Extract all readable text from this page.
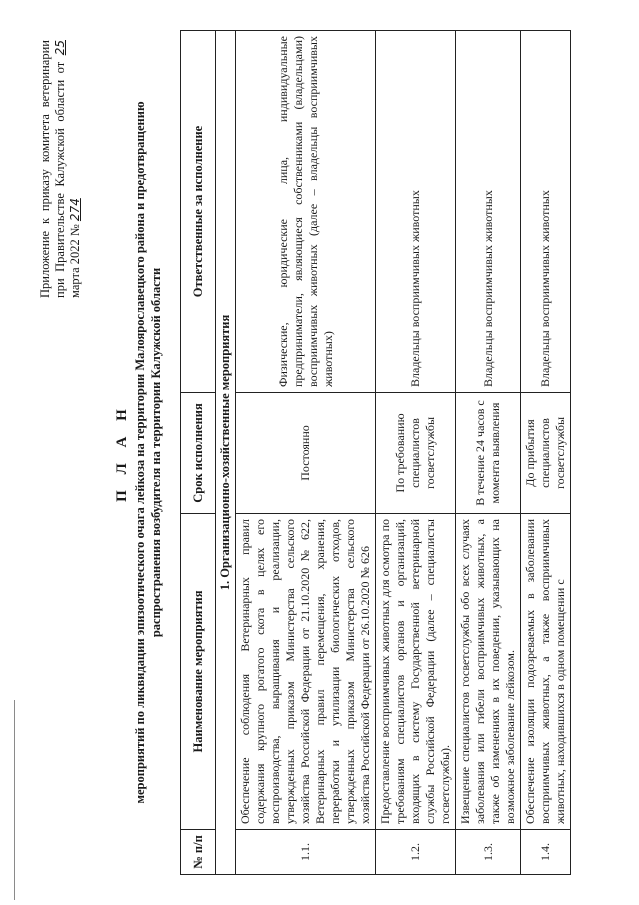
Приложение к приказу комитета ветеринарии при Правительстве Калужской области от 25 марта 2022 № 274
П Л А Н мероприятий по ликвидации эпизоотического очага лейкоза на территории Малоярославецкого района и предотвращению распространения возбудителя на территории Калужской области
№ п/п	Наименование мероприятия	Срок исполнения	Ответственные за исполнение
1. Организационно-хозяйственные мероприятия			
1.1.	Обеспечение соблюдения Ветеринарных правил содержания крупного рогатого скота в целях его воспроизводства, выращивания и реализации, утвержденных приказом Министерства сельского хозяйства Российской Федерации от 21.10.2020 № 622, Ветеринарных правил перемещения, хранения, переработки и утилизации биологических отходов, утвержденных приказом Министерства сельского хозяйства Российской Федерации от 26.10.2020 № 626	Постоянно	Физические, юридические лица, индивидуальные предприниматели, являющиеся собственниками (владельцами) восприимчивых животных (далее – владельцы восприимчивых животных)
1.2.	Предоставление восприимчивых животных для осмотра по требованиям специалистов органов и организаций, входящих в систему Государственной ветеринарной службы Российской Федерации (далее – специалисты госветслужбы).	По требованию специалистов госветслужбы	Владельцы восприимчивых животных
1.3.	Извещение специалистов госветслужбы обо всех случаях заболевания или гибели восприимчивых животных, а также об изменениях в их поведении, указывающих на возможное заболевание лейкозом.	В течение 24 часов с момента выявления	Владельцы восприимчивых животных
1.4.	Обеспечение изоляции подозреваемых в заболевании восприимчивых животных, а также восприимчивых животных, находившихся в одном помещении с	До прибытия специалистов госветслужбы	Владельцы восприимчивых животных
